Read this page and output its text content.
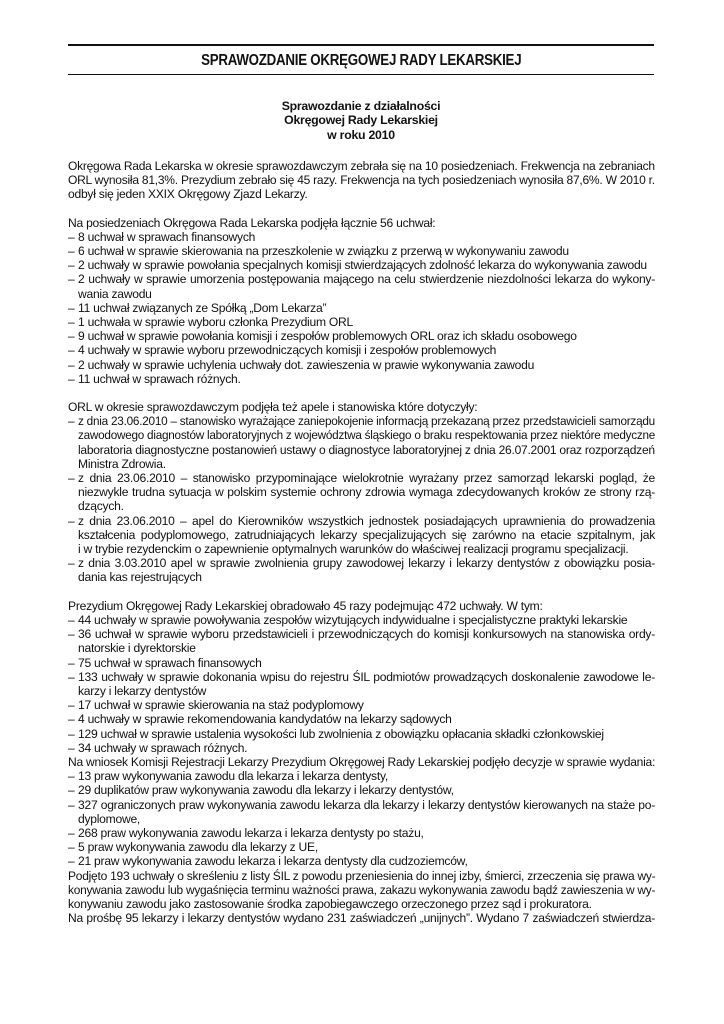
SPRAWOZDANIE OKRĘGOWEJ RADY LEKARSKIEJ
Sprawozdanie z działalności
Okręgowej Rady Lekarskiej
w roku 2010
Okręgowa Rada Lekarska w okresie sprawozdawczym zebrała się na 10 posiedzeniach. Frekwencja na zebraniach
ORL wynosiła 81,3%. Prezydium zebrało się 45 razy. Frekwencja na tych posiedzeniach wynosiła 87,6%. W 2010 r.
odbył się jeden XXIX Okręgowy Zjazd Lekarzy.
Na posiedzeniach Okręgowa Rada Lekarska podjęła łącznie 56 uchwał:
– 8 uchwał w sprawach finansowych
– 6 uchwał w sprawie skierowania na przeszkolenie w związku z przerwą w wykonywaniu zawodu
– 2 uchwały w sprawie powołania specjalnych komisji stwierdzających zdolność lekarza do wykonywania zawodu
– 2 uchwały w sprawie umorzenia postępowania mającego na celu stwierdzenie niezdolności lekarza do wykony-
wania zawodu
– 11 uchwał związanych ze Spółką „Dom Lekarza”
– 1 uchwała w sprawie wyboru członka Prezydium ORL
– 9 uchwał w sprawie powołania komisji i zespołów problemowych ORL oraz ich składu osobowego
– 4 uchwały w sprawie wyboru przewodniczących komisji i zespołów problemowych
– 2 uchwały w sprawie uchylenia uchwały dot. zawieszenia w prawie wykonywania zawodu
– 11 uchwał w sprawach różnych.
ORL w okresie sprawozdawczym podjęła też apele i stanowiska które dotyczyły:
– z dnia 23.06.2010 – stanowisko wyrażające zaniepokojenie informacją przekazaną przez przedstawicieli samorządu
zawodowego diagnostów laboratoryjnych z województwa śląskiego o braku respektowania przez niektóre medyczne
laboratoria diagnostyczne postanowień ustawy o diagnostyce laboratoryjnej z dnia 26.07.2001 oraz rozporządzeń
Ministra Zdrowia.
– z dnia 23.06.2010 – stanowisko przypominające wielokrotnie wyrażany przez samorząd lekarski pogląd, że
niezwykle trudna sytuacja w polskim systemie ochrony zdrowia wymaga zdecydowanych kroków ze strony rzą-
dzących.
– z dnia 23.06.2010 – apel do Kierowników wszystkich jednostek posiadających uprawnienia do prowadzenia
kształcenia podyplomowego, zatrudniających lekarzy specjalizujących się zarówno na etacie szpitalnym, jak
i w trybie rezydenckim o zapewnienie optymalnych warunków do właściwej realizacji programu specjalizacji.
– z dnia 3.03.2010 apel w sprawie zwolnienia grupy zawodowej lekarzy i lekarzy dentystów z obowiązku posia-
dania kas rejestrujących
Prezydium Okręgowej Rady Lekarskiej obradowało 45 razy podejmując 472 uchwały. W tym:
– 44 uchwały w sprawie powoływania zespołów wizytujących indywidualne i specjalistyczne praktyki lekarskie
– 36 uchwał w sprawie wyboru przedstawicieli i przewodniczących do komisji konkursowych na stanowiska ordy-
natorskie i dyrektorskie
– 75 uchwał w sprawach finansowych
– 133 uchwały w sprawie dokonania wpisu do rejestru ŚIL podmiotów prowadzących doskonalenie zawodowe le-
karzy i lekarzy dentystów
– 17 uchwał w sprawie skierowania na staż podyplomowy
– 4 uchwały w sprawie rekomendowania kandydatów na lekarzy sądowych
– 129 uchwał w sprawie ustalenia wysokości lub zwolnienia z obowiązku opłacania składki członkowskiej
– 34 uchwały w sprawach różnych.
Na wniosek Komisji Rejestracji Lekarzy Prezydium Okręgowej Rady Lekarskiej podjęło decyzje w sprawie wydania:
– 13 praw wykonywania zawodu dla lekarza i lekarza dentysty,
– 29 duplikatów praw wykonywania zawodu dla lekarzy i lekarzy dentystów,
– 327 ograniczonych praw wykonywania zawodu lekarza dla lekarzy i lekarzy dentystów kierowanych na staże po-
dyplomowe,
– 268 praw wykonywania zawodu lekarza i lekarza dentysty po stażu,
– 5 praw wykonywania zawodu dla lekarzy z UE,
– 21 praw wykonywania zawodu lekarza i lekarza dentysty dla cudzoziemców,
Podjęto 193 uchwały o skreśleniu z listy ŚIL z powodu przeniesienia do innej izby, śmierci, zrzeczenia się prawa wy-
konywania zawodu lub wygaśnięcia terminu ważności prawa, zakazu wykonywania zawodu bądź zawieszenia w wy-
konywaniu zawodu jako zastosowanie środka zapobiegawczego orzeczonego przez sąd i prokuratora.
Na prośbę 95 lekarzy i lekarzy dentystów wydano 231 zaświadczeń „unijnych”. Wydano 7 zaświadczeń stwierdza-
